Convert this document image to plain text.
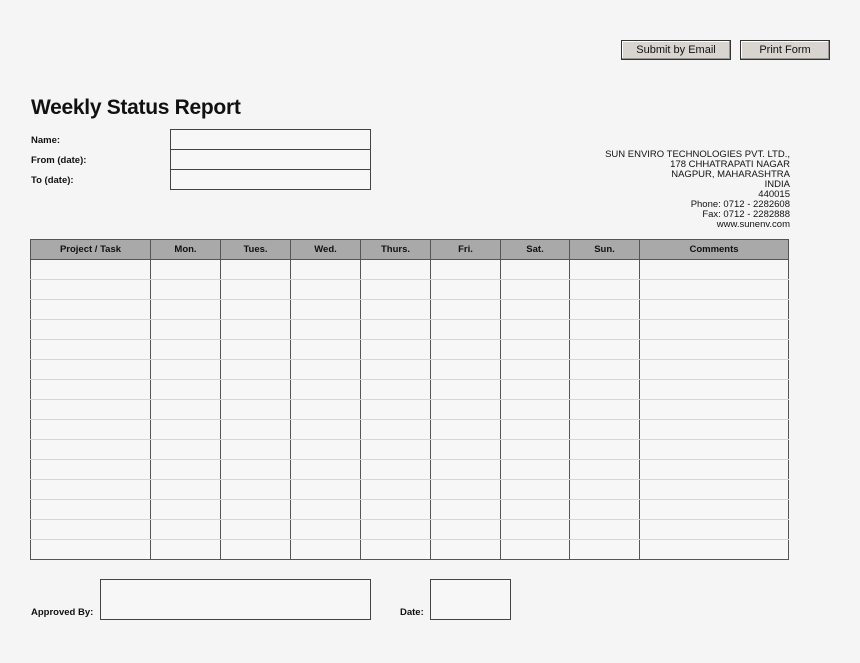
Submit by Email	Print Form
Weekly Status Report
Name:
From (date):
To (date):
SUN ENVIRO TECHNOLOGIES PVT. LTD.,
178 CHHATRAPATI NAGAR
NAGPUR, MAHARASHTRA
INDIA
440015
Phone: 0712 - 2282608
Fax: 0712 - 2282888
www.sunenv.com
Project / Task	Mon.	Tues.	Wed.	Thurs.	Fri.	Sat.	Sun.	Comments

Approved By:	Date:
